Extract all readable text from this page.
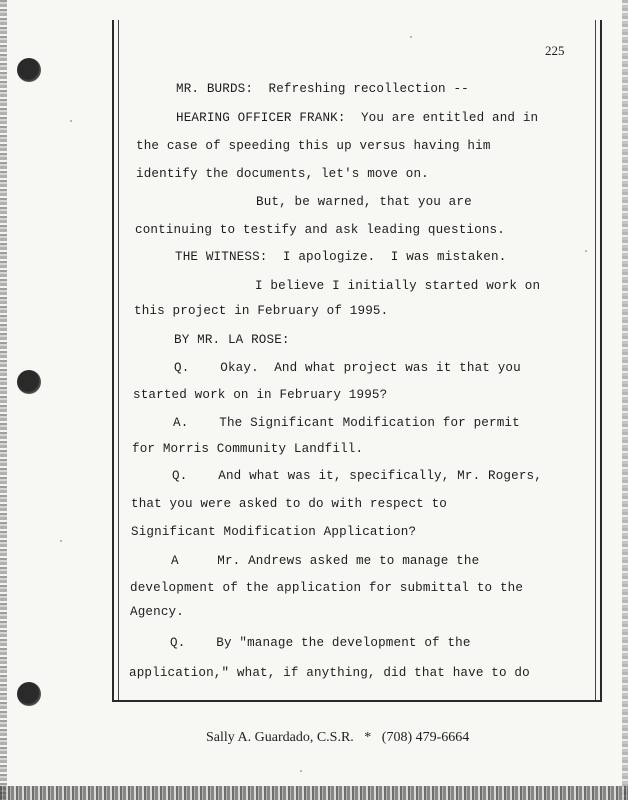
225
MR. BURDS:  Refreshing recollection --
HEARING OFFICER FRANK:  You are entitled and in
the case of speeding this up versus having him
identify the documents, let's move on.
But, be warned, that you are
continuing to testify and ask leading questions.
THE WITNESS:  I apologize.  I was mistaken.
I believe I initially started work on
this project in February of 1995.
BY MR. LA ROSE:
Q.    Okay.  And what project was it that you
started work on in February 1995?
A.    The Significant Modification for permit
for Morris Community Landfill.
Q.    And what was it, specifically, Mr. Rogers,
that you were asked to do with respect to
Significant Modification Application?
A     Mr. Andrews asked me to manage the
development of the application for submittal to the
Agency.
Q.    By "manage the development of the
application," what, if anything, did that have to do
Sally A. Guardado, C.S.R.   *   (708) 479-6664
